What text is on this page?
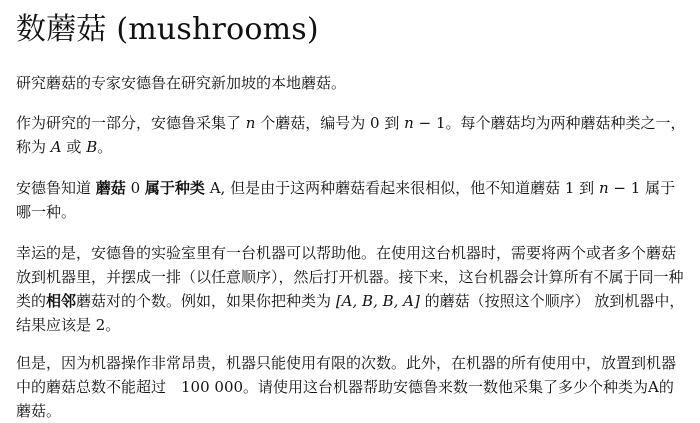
数蘑菇 (mushrooms)

研究蘑菇的专家安德鲁在研究新加坡的本地蘑菇。

作为研究的一部分，安德鲁采集了 n 个蘑菇，编号为 0 到 n − 1。每个蘑菇均为两种蘑菇种类之一，称为 A 或 B。

安德鲁知道 蘑菇 0 属于种类 A, 但是由于这两种蘑菇看起来很相似，他不知道蘑菇 1 到 n − 1 属于哪一种。

幸运的是，安德鲁的实验室里有一台机器可以帮助他。在使用这台机器时，需要将两个或者多个蘑菇放到机器里，并摆成一排（以任意顺序），然后打开机器。接下来，这台机器会计算所有不属于同一种类的相邻蘑菇对的个数。例如，如果你把种类为 [A, B, B, A] 的蘑菇（按照这个顺序） 放到机器中，结果应该是 2。

但是，因为机器操作非常昂贵，机器只能使用有限的次数。此外，在机器的所有使用中，放置到机器中的蘑菇总数不能超过　100 000。请使用这台机器帮助安德鲁来数一数他采集了多少个种类为A的蘑菇。
